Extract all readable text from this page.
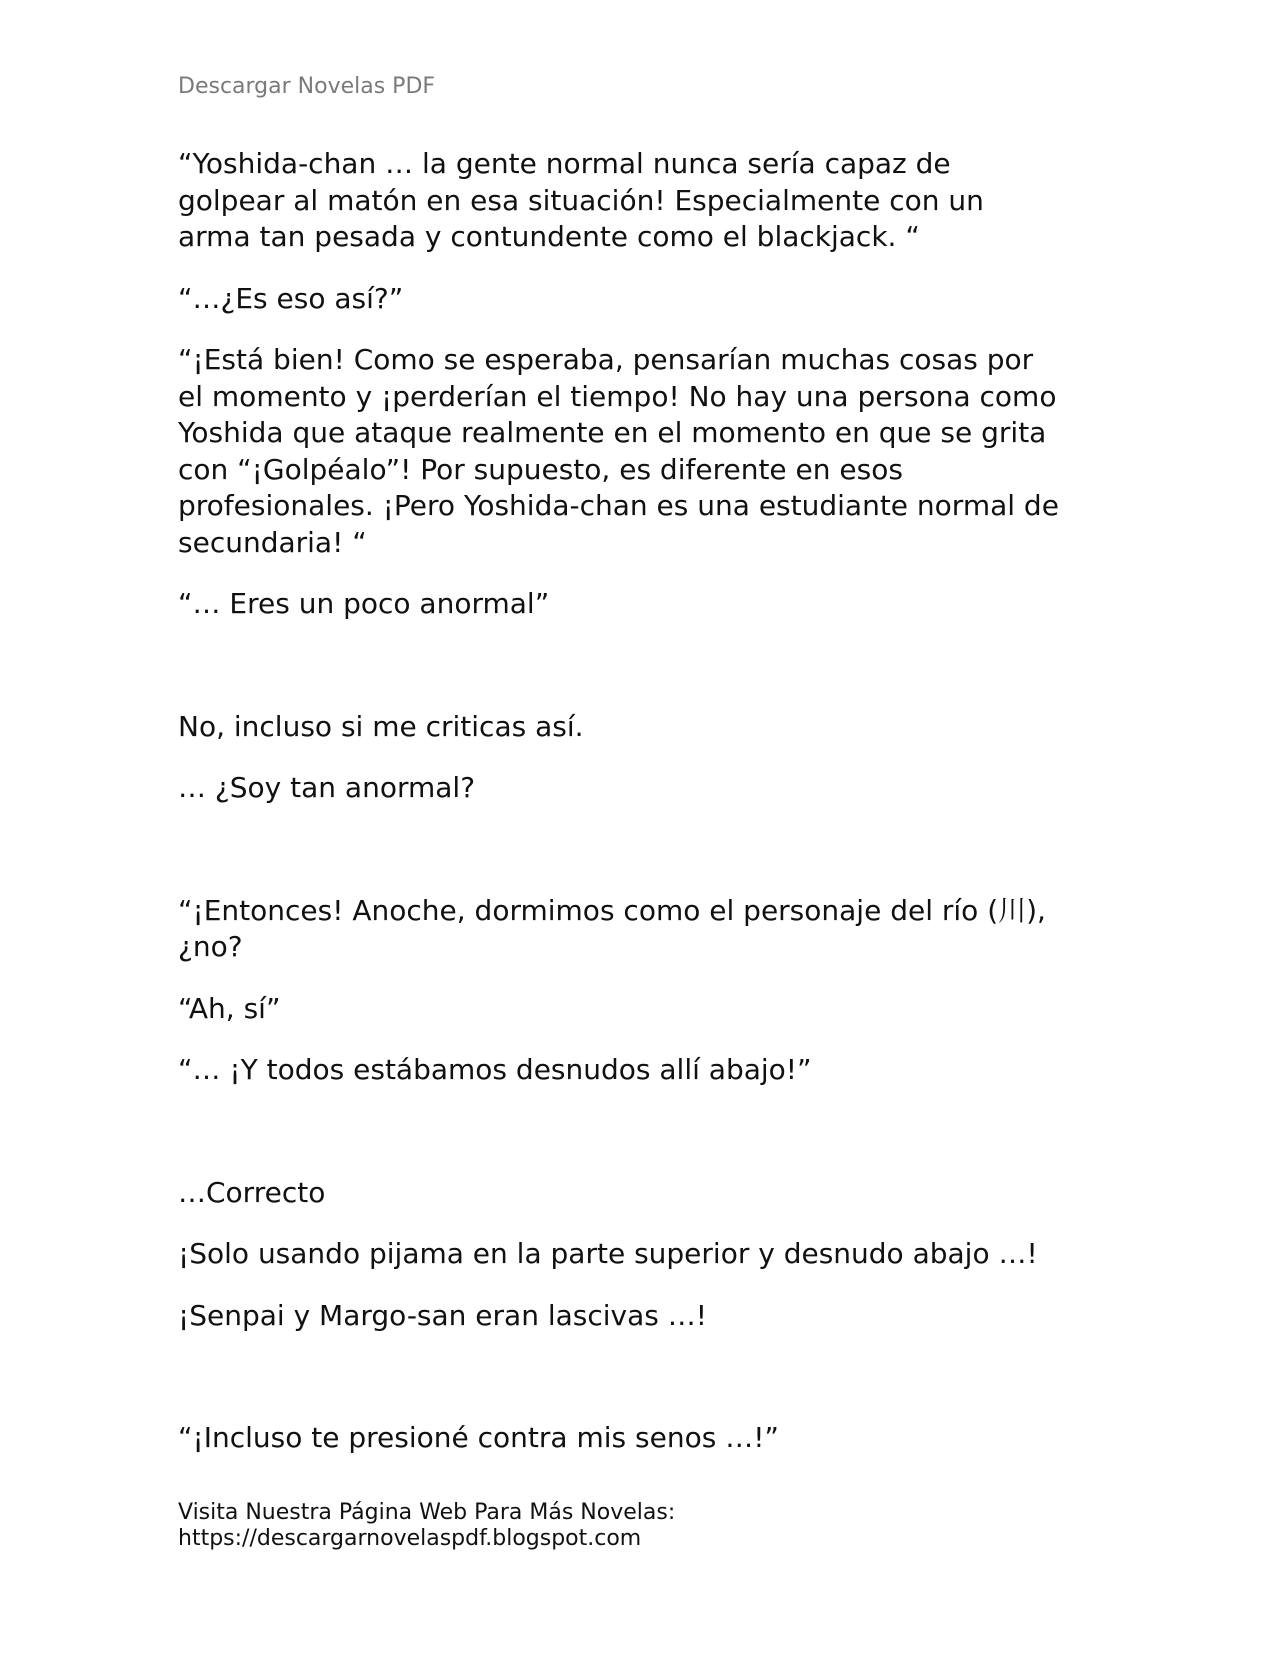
Descargar Novelas PDF
“Yoshida-chan … la gente normal nunca sería capaz de
golpear al matón en esa situación! Especialmente con un
arma tan pesada y contundente como el blackjack. “
“…¿Es eso así?”
“¡Está bien! Como se esperaba, pensarían muchas cosas por
el momento y ¡perderían el tiempo! No hay una persona como
Yoshida que ataque realmente en el momento en que se grita
con “¡Golpéalo”! Por supuesto, es diferente en esos
profesionales. ¡Pero Yoshida-chan es una estudiante normal de
secundaria! “
“… Eres un poco anormal”
No, incluso si me criticas así.
… ¿Soy tan anormal?
“¡Entonces! Anoche, dormimos como el personaje del río (川),
¿no?
“Ah, sí”
“… ¡Y todos estábamos desnudos allí abajo!”
…Correcto
¡Solo usando pijama en la parte superior y desnudo abajo …!
¡Senpai y Margo-san eran lascivas …!
“¡Incluso te presioné contra mis senos …!”
Visita Nuestra Página Web Para Más Novelas:
https://descargarnovelaspdf.blogspot.com
